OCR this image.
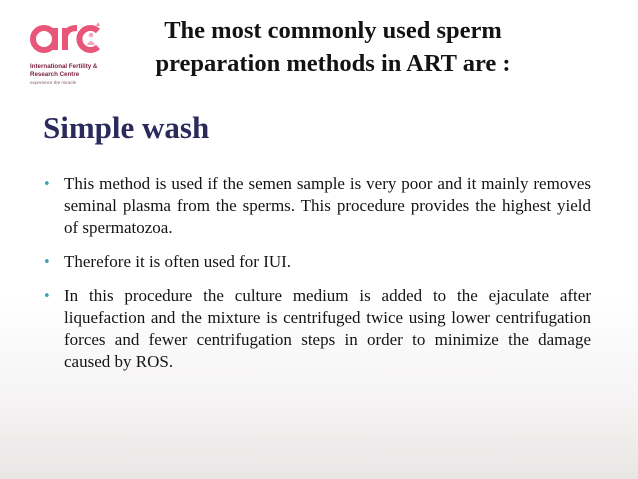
International Fertility &
Research Centre
experience the miracle
The most commonly used sperm
preparation methods in ART are :
Simple wash
• This method is used if the semen sample is very poor and it mainly removes seminal plasma from the sperms. This procedure provides the highest yield of spermatozoa.
• Therefore it is often used for IUI.
• In this procedure the culture medium is added to the ejaculate after liquefaction and the mixture is centrifuged twice using lower centrifugation forces and fewer centrifugation steps in order to minimize the damage caused by ROS.
